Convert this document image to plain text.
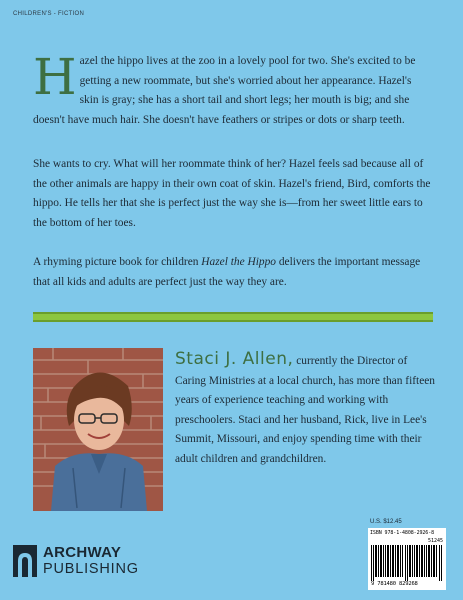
CHILDREN'S - FICTION
H azel the hippo lives at the zoo in a lovely pool for two. She's excited to be getting a new roommate, but she's worried about her appearance. Hazel's skin is gray; she has a short tail and short legs; her mouth is big; and she doesn't have much hair. She doesn't have feathers or stripes or dots or sharp teeth.
She wants to cry. What will her roommate think of her? Hazel feels sad because all of the other animals are happy in their own coat of skin. Hazel's friend, Bird, comforts the hippo. He tells her that she is perfect just the way she is—from her sweet little ears to the bottom of her toes.
A rhyming picture book for children Hazel the Hippo delivers the important message that all kids and adults are perfect just the way they are.
Staci J. Allen, currently the Director of Caring Ministries at a local church, has more than fifteen years of experience teaching and working with preschoolers. Staci and her husband, Rick, live in Lee's Summit, Missouri, and enjoy spending time with their adult children and grandchildren.
U.S. $12.45
ISBN 978-1-4808-2926-8
51245
9 781480 829268
ARCHWAY
PUBLISHING
